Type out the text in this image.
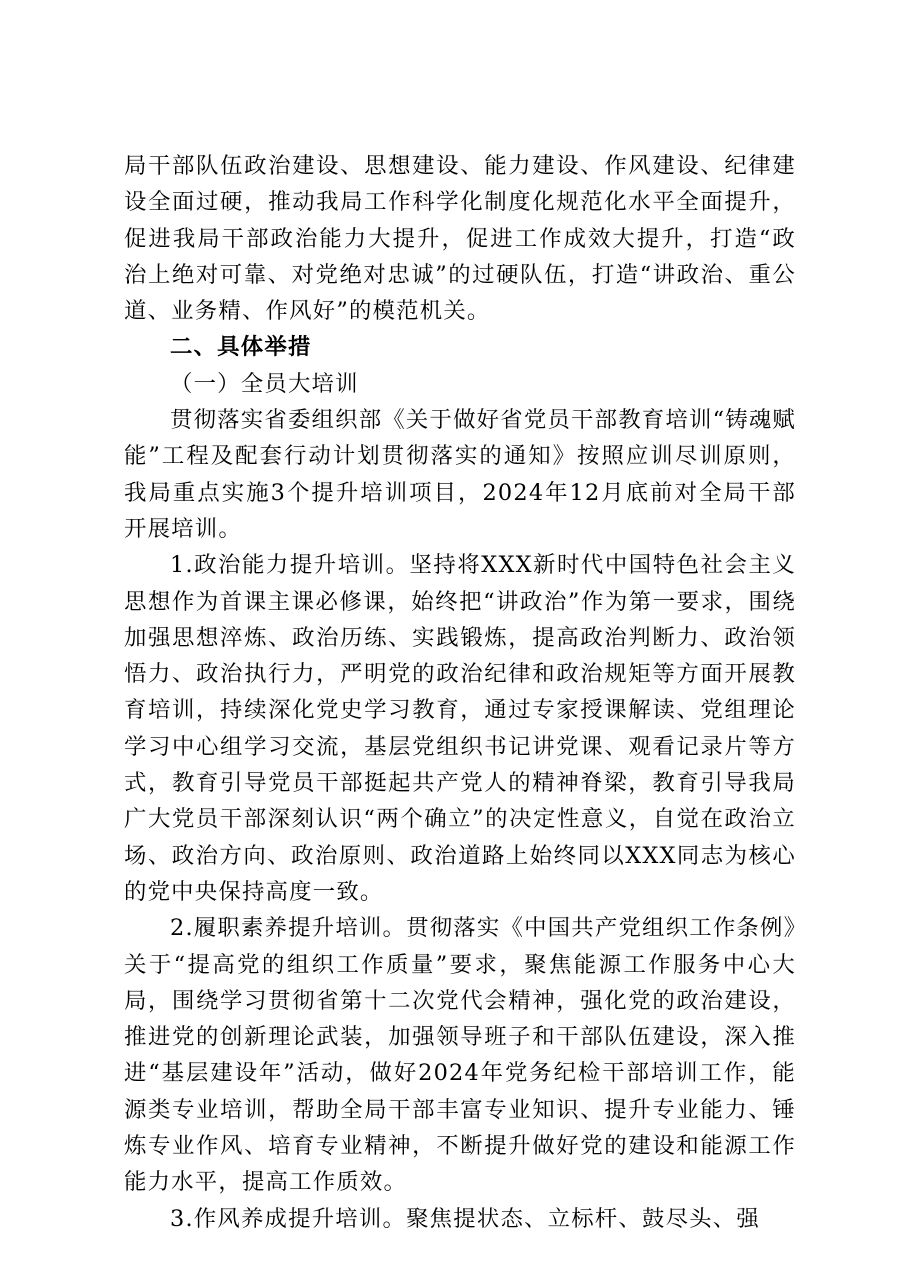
局干部队伍政治建设、思想建设、能力建设、作风建设、纪律建设全面过硬，推动我局工作科学化制度化规范化水平全面提升，促进我局干部政治能力大提升，促进工作成效大提升，打造“政治上绝对可靠、对党绝对忠诚”的过硬队伍，打造“讲政治、重公道、业务精、作风好”的模范机关。

二、具体举措

（一）全员大培训

贯彻落实省委组织部《关于做好省党员干部教育培训“铸魂赋能”工程及配套行动计划贯彻落实的通知》按照应训尽训原则，我局重点实施3个提升培训项目，2024年12月底前对全局干部开展培训。

1.政治能力提升培训。坚持将XXX新时代中国特色社会主义思想作为首课主课必修课，始终把“讲政治”作为第一要求，围绕加强思想淬炼、政治历练、实践锻炼，提高政治判断力、政治领悟力、政治执行力，严明党的政治纪律和政治规矩等方面开展教育培训，持续深化党史学习教育，通过专家授课解读、党组理论学习中心组学习交流，基层党组织书记讲党课、观看记录片等方式，教育引导党员干部挺起共产党人的精神脊梁，教育引导我局广大党员干部深刻认识“两个确立”的决定性意义，自觉在政治立场、政治方向、政治原则、政治道路上始终同以XXX同志为核心的党中央保持高度一致。

2.履职素养提升培训。贯彻落实《中国共产党组织工作条例》关于“提高党的组织工作质量”要求，聚焦能源工作服务中心大局，围绕学习贯彻省第十二次党代会精神，强化党的政治建设，推进党的创新理论武装，加强领导班子和干部队伍建设，深入推进“基层建设年”活动，做好2024年党务纪检干部培训工作，能源类专业培训，帮助全局干部丰富专业知识、提升专业能力、锤炼专业作风、培育专业精神，不断提升做好党的建设和能源工作能力水平，提高工作质效。

3.作风养成提升培训。聚焦提状态、立标杆、鼓尽头、强
